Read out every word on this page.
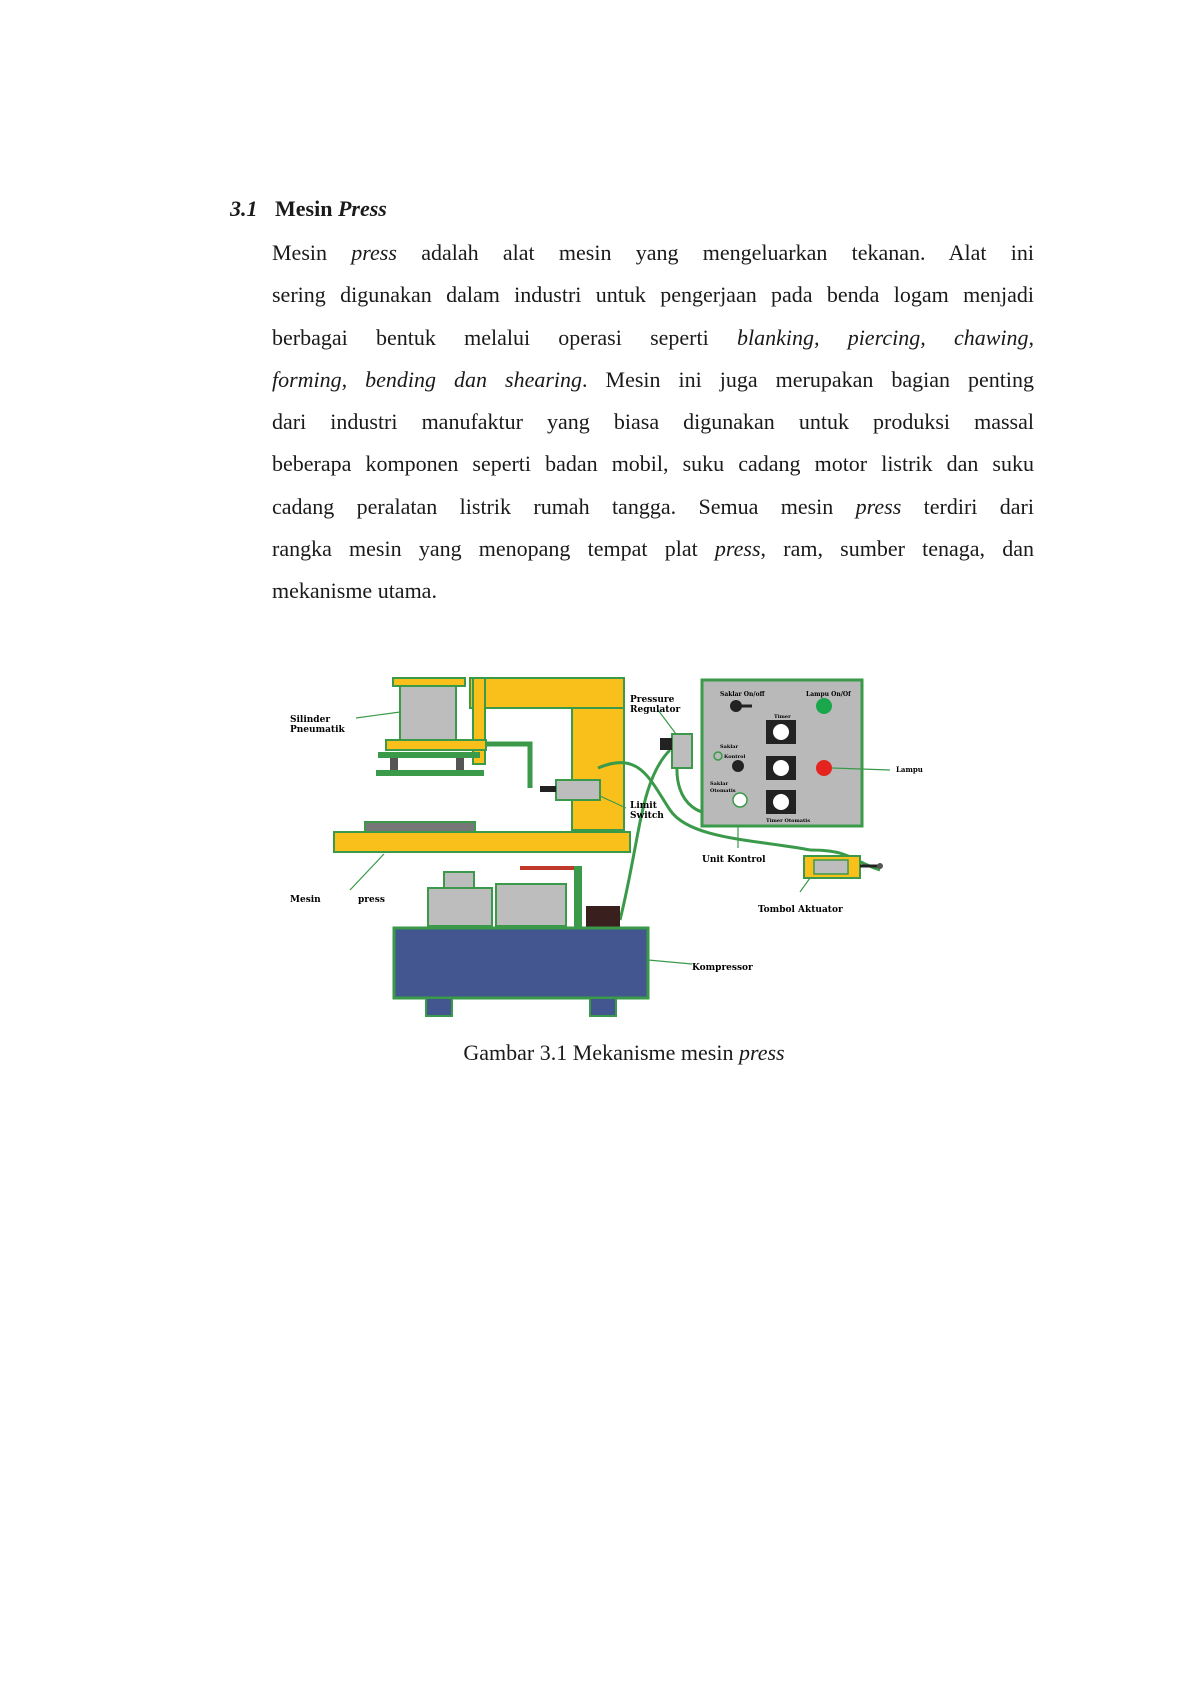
3.1 Mesin Press
Mesin press adalah alat mesin yang mengeluarkan tekanan. Alat ini
sering digunakan dalam industri untuk pengerjaan pada benda logam menjadi
berbagai bentuk melalui operasi seperti blanking, piercing, chawing,
forming, bending dan shearing. Mesin ini juga merupakan bagian penting
dari industri manufaktur yang biasa digunakan untuk produksi massal
beberapa komponen seperti badan mobil, suku cadang motor listrik dan suku
cadang peralatan listrik rumah tangga. Semua mesin press terdiri dari
rangka mesin yang menopang tempat plat press, ram, sumber tenaga, dan
mekanisme utama.
Saklar On/off	Lampu On/Of
Timer
Saklar
Kontrol
Saklar
Otomatis
Timer Otomatis
Silinder
Pneumatik
Pressure
Regulator
Limit
Switch
Mesin	press
Unit Kontrol
Tombol Aktuator
Kompressor
Lampu
Gambar 3.1 Mekanisme mesin press
